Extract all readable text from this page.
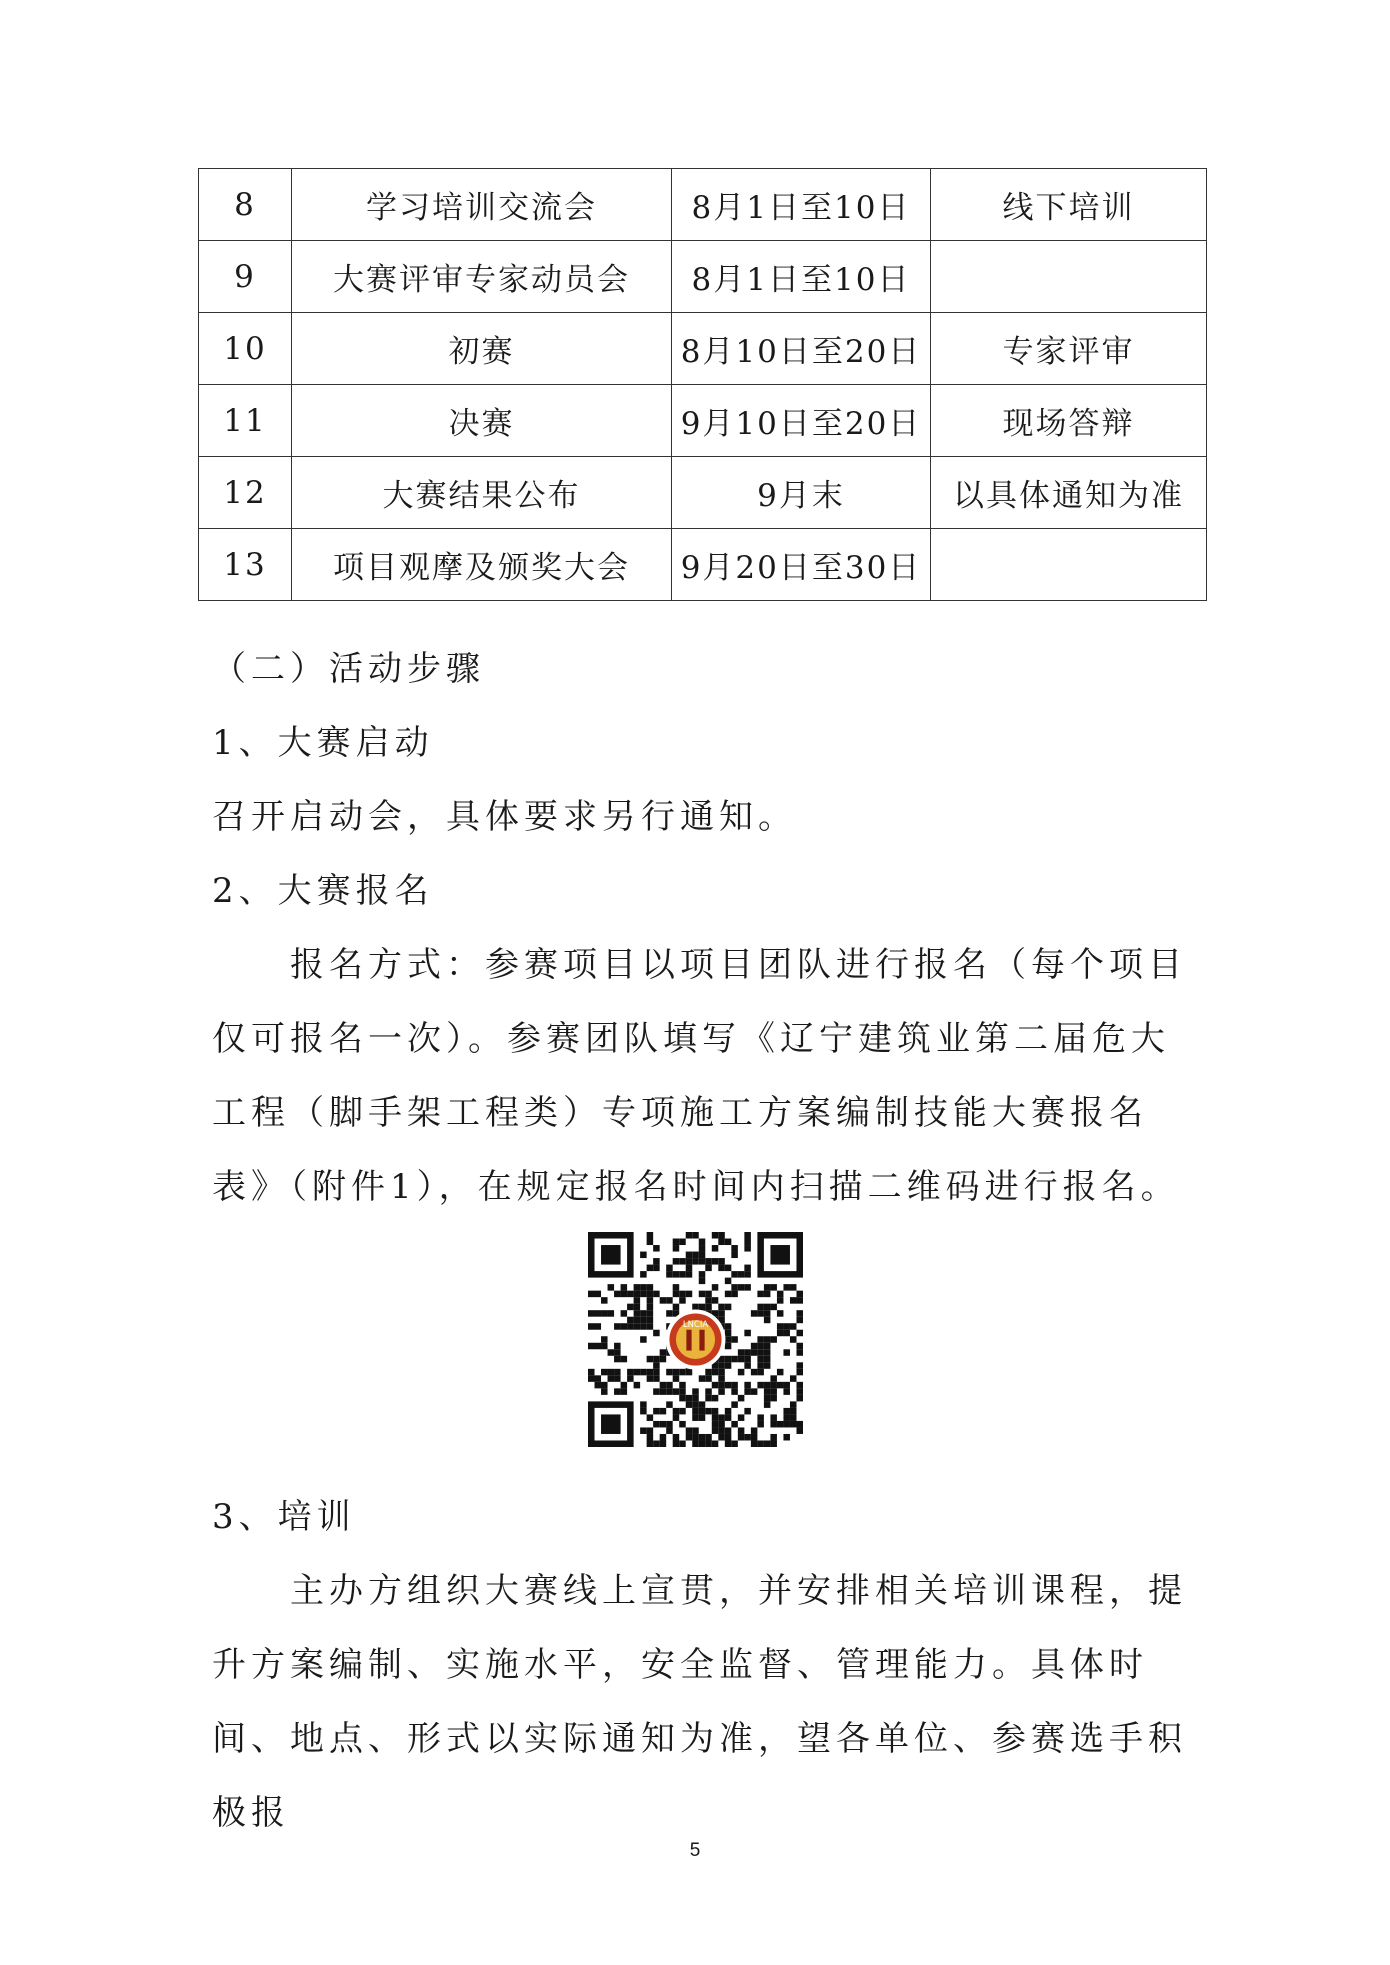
8	学习培训交流会	8月1日至10日	线下培训
9	大赛评审专家动员会	8月1日至10日	
10	初赛	8月10日至20日	专家评审
11	决赛	9月10日至20日	现场答辩
12	大赛结果公布	9月末	以具体通知为准
13	项目观摩及颁奖大会	9月20日至30日	

（二）活动步骤

1、大赛启动

召开启动会，具体要求另行通知。

2、大赛报名

报名方式：参赛项目以项目团队进行报名（每个项目仅可报名一次）。参赛团队填写《辽宁建筑业第二届危大工程（脚手架工程类）专项施工方案编制技能大赛报名表》（附件1），在规定报名时间内扫描二维码进行报名。

LNCIA

3、培训

主办方组织大赛线上宣贯，并安排相关培训课程，提升方案编制、实施水平，安全监督、管理能力。具体时间、地点、形式以实际通知为准，望各单位、参赛选手积极报

5
